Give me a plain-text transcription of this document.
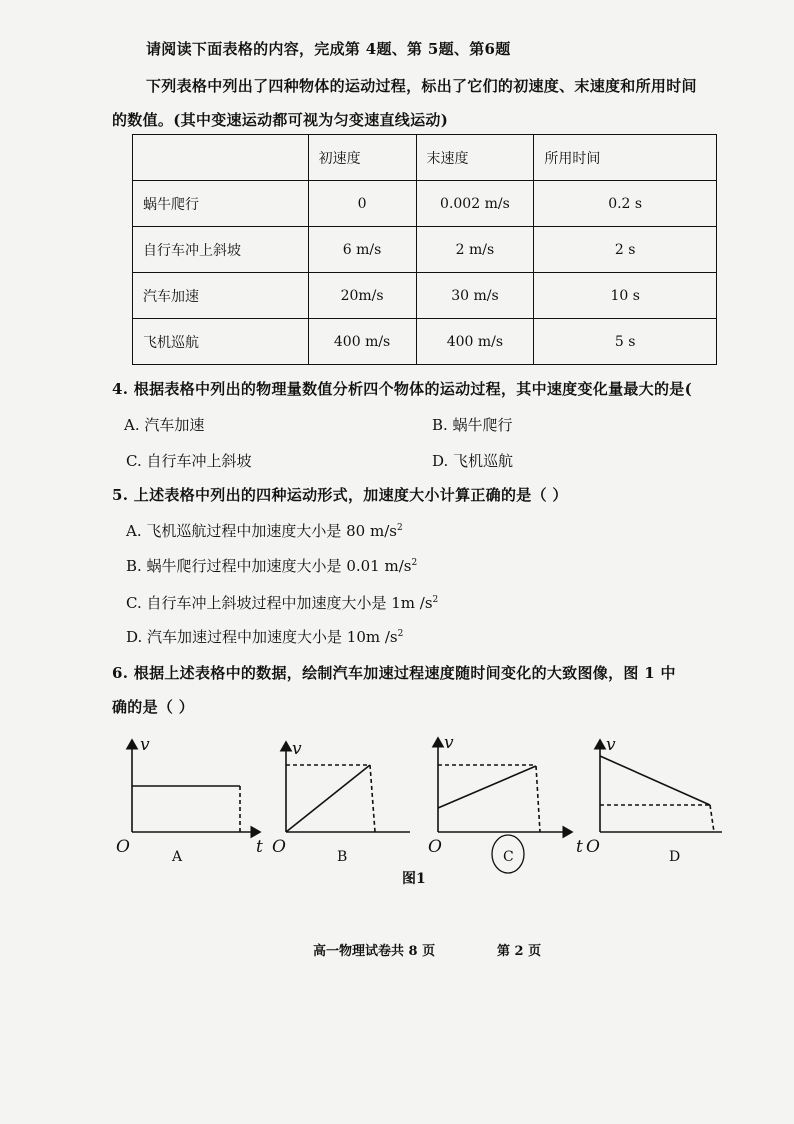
请阅读下面表格的内容，完成第 4题、第 5题、第6题
下列表格中列出了四种物体的运动过程，标出了它们的初速度、末速度和所用时间
的数值。(其中变速运动都可视为匀变速直线运动)
	初速度	末速度	所用时间
蜗牛爬行	0	0.002 m/s	0.2 s
自行车冲上斜坡	6 m/s	2 m/s	2 s
汽车加速	20m/s	30 m/s	10 s
飞机巡航	400 m/s	400 m/s	5 s
4. 根据表格中列出的物理量数值分析四个物体的运动过程，其中速度变化量最大的是(
A. 汽车加速	B. 蜗牛爬行
C. 自行车冲上斜坡	D. 飞机巡航
5. 上述表格中列出的四种运动形式，加速度大小计算正确的是（ ）
A. 飞机巡航过程中加速度大小是 80 $m/s^2$
B. 蜗牛爬行过程中加速度大小是 0.01 $m/s^2$
C. 自行车冲上斜坡过程中加速度大小是 1m $/s^2$
D. 汽车加速过程中加速度大小是 10m $/s^2$
6. 根据上述表格中的数据，绘制汽车加速过程速度随时间变化的大致图像，图 1 中
确的是（ ）
v
O	t
v
O
v
O	t
v
O
A	B	C	D
图1
高一物理试卷共 8 页	第 2 页
